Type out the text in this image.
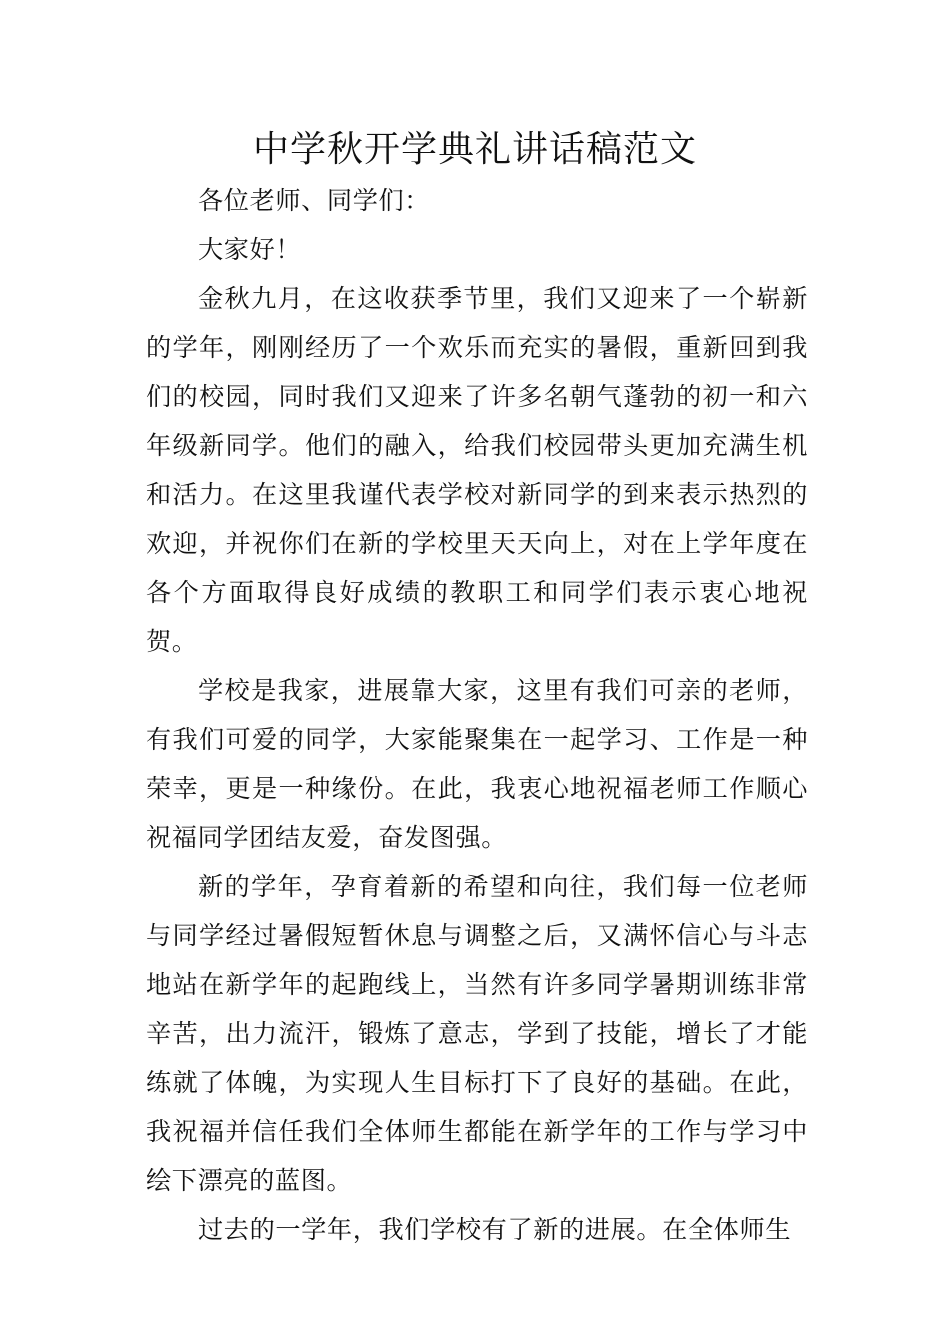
中学秋开学典礼讲话稿范文

各位老师、同学们：

大家好！

金秋九月，在这收获季节里，我们又迎来了一个崭新的学年，刚刚经历了一个欢乐而充实的暑假，重新回到我们的校园，同时我们又迎来了许多名朝气蓬勃的初一和六年级新同学。他们的融入，给我们校园带头更加充满生机和活力。在这里我谨代表学校对新同学的到来表示热烈的欢迎，并祝你们在新的学校里天天向上，对在上学年度在各个方面取得良好成绩的教职工和同学们表示衷心地祝贺。

学校是我家，进展靠大家，这里有我们可亲的老师，有我们可爱的同学，大家能聚集在一起学习、工作是一种荣幸，更是一种缘份。在此，我衷心地祝福老师工作顺心祝福同学团结友爱，奋发图强。

新的学年，孕育着新的希望和向往，我们每一位老师与同学经过暑假短暂休息与调整之后，又满怀信心与斗志地站在新学年的起跑线上，当然有许多同学暑期训练非常辛苦，出力流汗，锻炼了意志，学到了技能，增长了才能练就了体魄，为实现人生目标打下了良好的基础。在此，我祝福并信任我们全体师生都能在新学年的工作与学习中绘下漂亮的蓝图。

过去的一学年，我们学校有了新的进展。在全体师生
